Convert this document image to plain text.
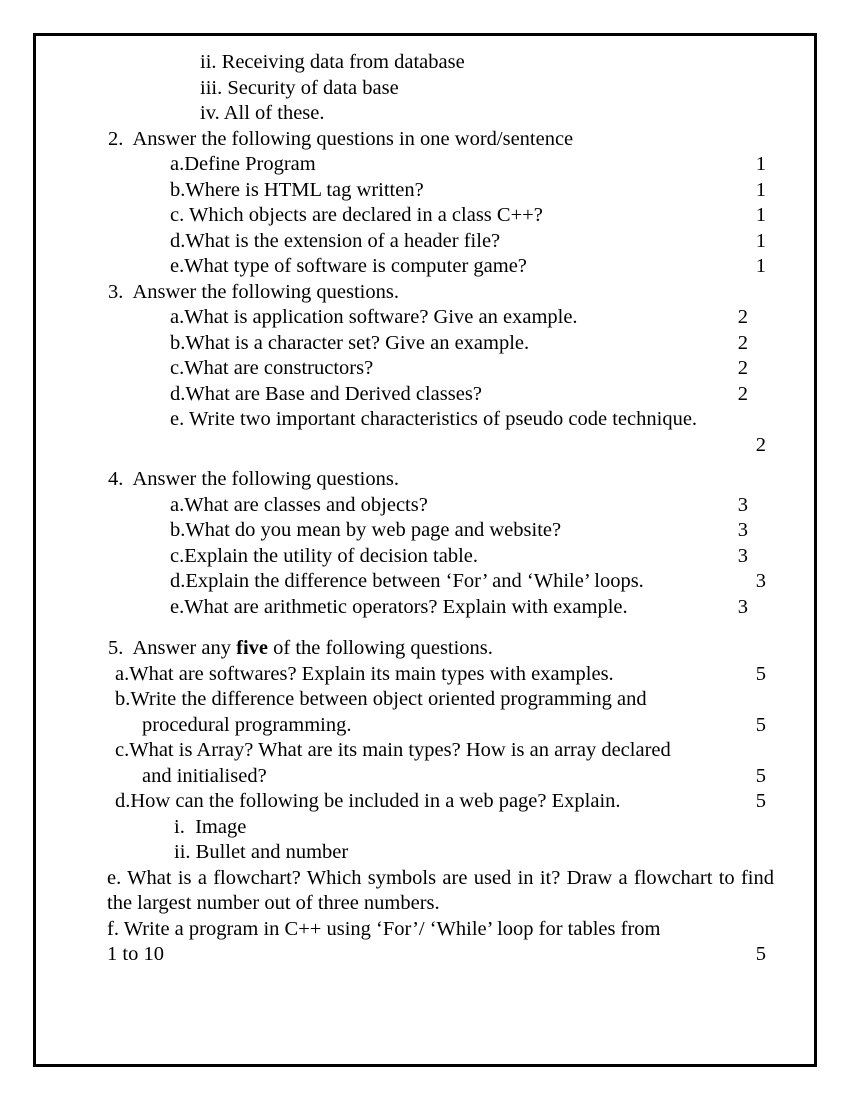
ii. Receiving data from database
iii. Security of data base
iv. All of these.
2. Answer the following questions in one word/sentence
a.Define Program	1
b.Where is HTML tag written?	1
c. Which objects are declared in a class C++?	1
d.What is the extension of a header file?	1
e.What type of software is computer game?	1
3. Answer the following questions.
a.What is application software? Give an example.	2
b.What is a character set? Give an example.	2
c.What are constructors?	2
d.What are Base and Derived classes?	2
e. Write two important characteristics of pseudo code technique.
2

4. Answer the following questions.
a.What are classes and objects?	3
b.What do you mean by web page and website?	3
c.Explain the utility of decision table.	3
d.Explain the difference between ‘For’ and ‘While’ loops.	3
e.What are arithmetic operators? Explain with example.	3
5. Answer any five of the following questions.
a.What are softwares? Explain its main types with examples.	5
b.Write the difference between object oriented programming and
procedural programming.	5
c.What is Array? What are its main types? How is an array declared
and initialised?	5
d.How can the following be included in a web page? Explain.	5
i.  Image
ii. Bullet and number
e. What is a flowchart? Which symbols are used in it? Draw a flowchart to find the largest number out of three numbers.
f. Write a program in C++ using ‘For’/ ‘While’ loop for tables from
1 to 10	5
